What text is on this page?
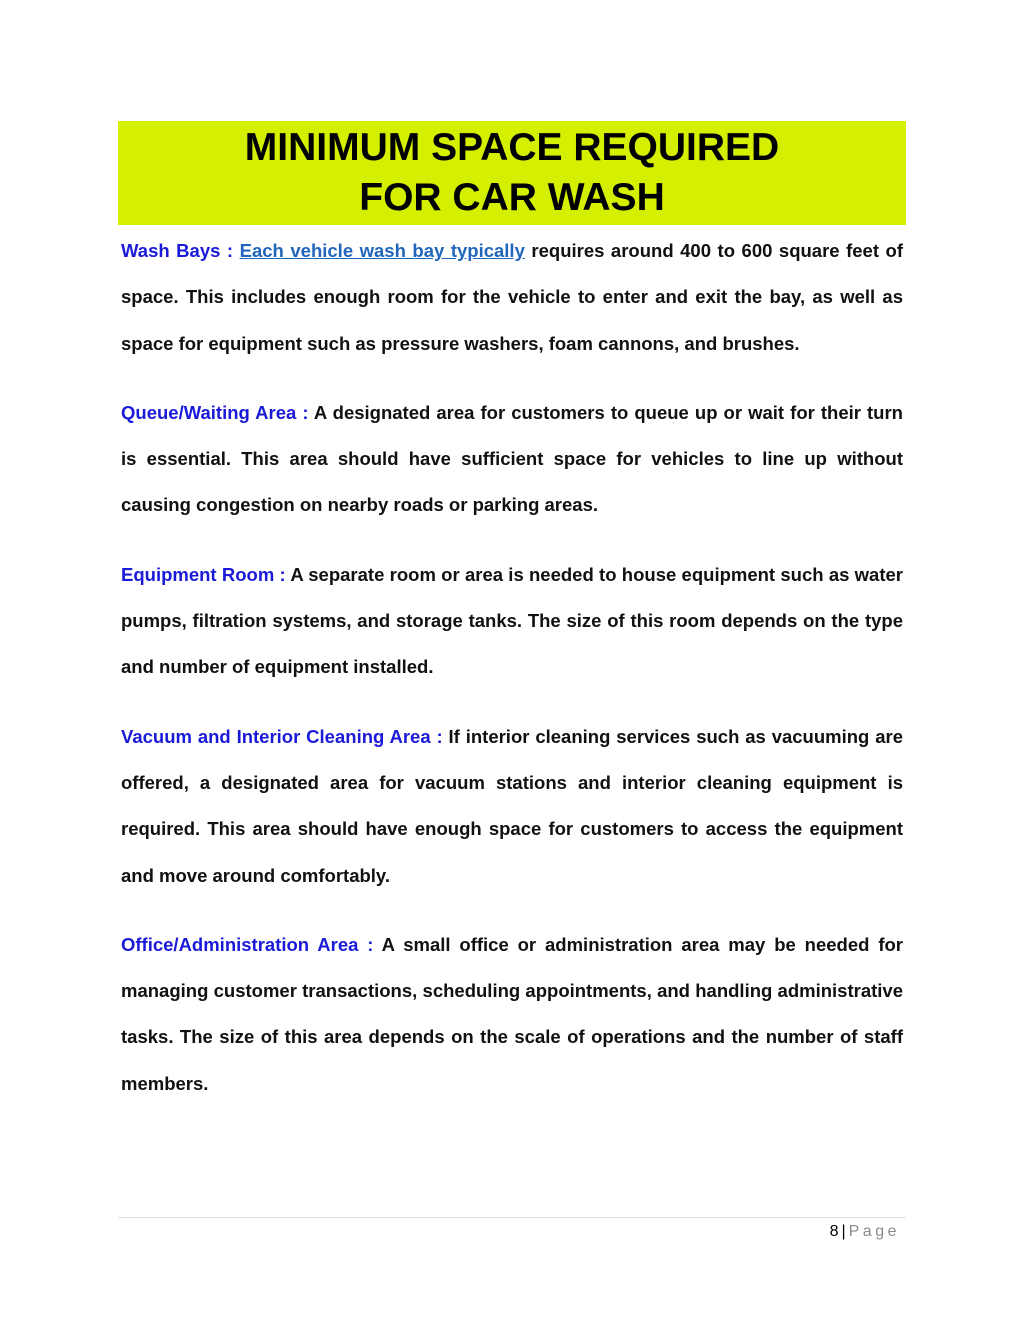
MINIMUM SPACE REQUIRED
FOR CAR WASH

Wash Bays : Each vehicle wash bay typically requires around 400 to 600 square feet of space. This includes enough room for the vehicle to enter and exit the bay, as well as space for equipment such as pressure washers, foam cannons, and brushes.

Queue/Waiting Area : A designated area for customers to queue up or wait for their turn is essential. This area should have sufficient space for vehicles to line up without causing congestion on nearby roads or parking areas.

Equipment Room : A separate room or area is needed to house equipment such as water pumps, filtration systems, and storage tanks. The size of this room depends on the type and number of equipment installed.

Vacuum and Interior Cleaning Area : If interior cleaning services such as vacuuming are offered, a designated area for vacuum stations and interior cleaning equipment is required. This area should have enough space for customers to access the equipment and move around comfortably.

Office/Administration Area : A small office or administration area may be needed for managing customer transactions, scheduling appointments, and handling administrative tasks. The size of this area depends on the scale of operations and the number of staff members.

8 | Page
